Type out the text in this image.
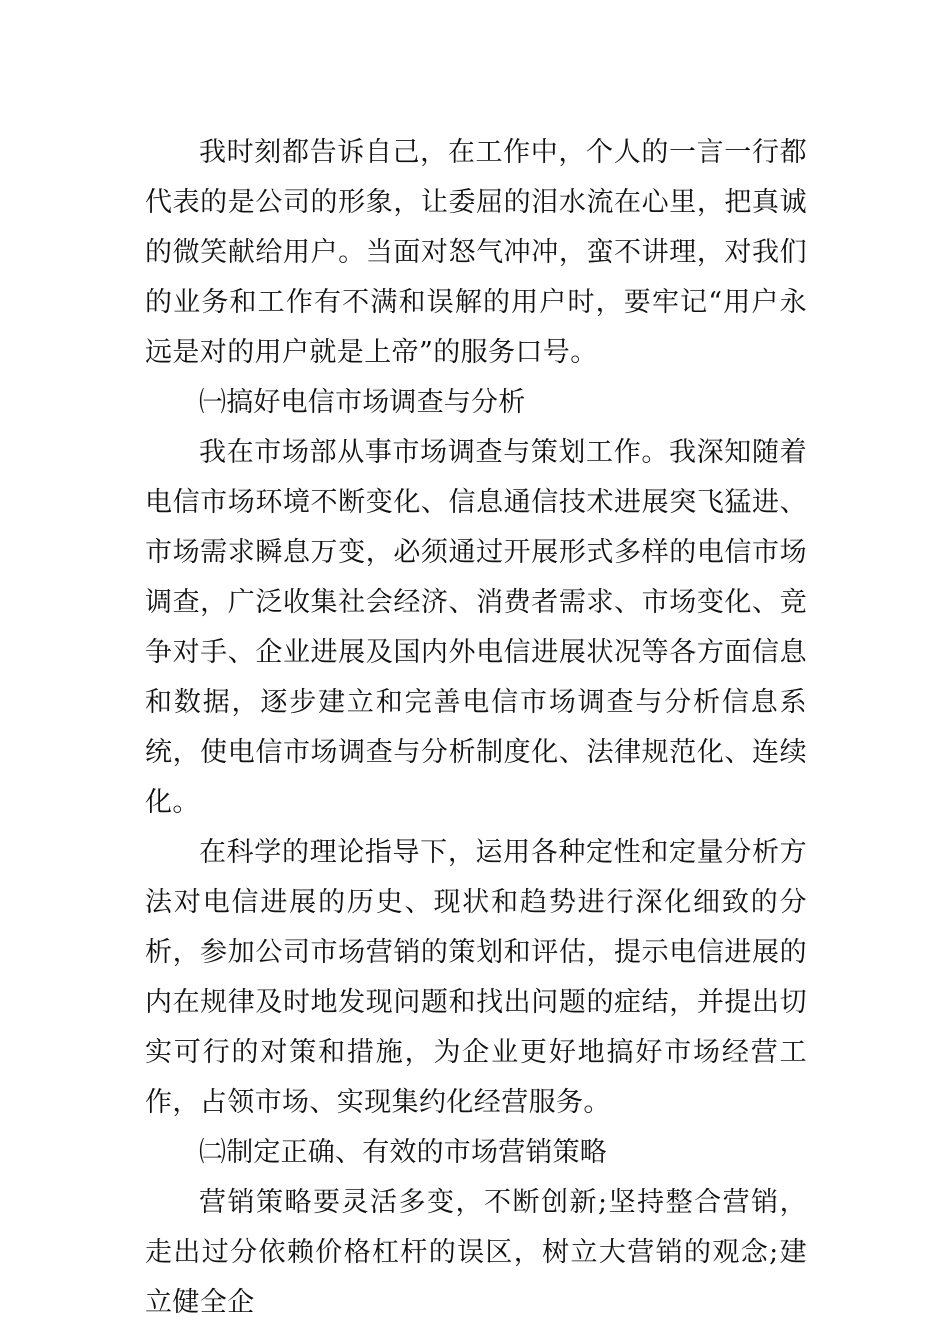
我时刻都告诉自己，在工作中，个人的一言一行都代表的是公司的形象，让委屈的泪水流在心里，把真诚的微笑献给用户。当面对怒气冲冲，蛮不讲理，对我们的业务和工作有不满和误解的用户时，要牢记“用户永远是对的用户就是上帝”的服务口号。

㈠搞好电信市场调查与分析

我在市场部从事市场调查与策划工作。我深知随着电信市场环境不断变化、信息通信技术进展突飞猛进、市场需求瞬息万变，必须通过开展形式多样的电信市场调查，广泛收集社会经济、消费者需求、市场变化、竞争对手、企业进展及国内外电信进展状况等各方面信息和数据，逐步建立和完善电信市场调查与分析信息系统，使电信市场调查与分析制度化、法律规范化、连续化。

在科学的理论指导下，运用各种定性和定量分析方法对电信进展的历史、现状和趋势进行深化细致的分析，参加公司市场营销的策划和评估，提示电信进展的内在规律及时地发现问题和找出问题的症结，并提出切实可行的对策和措施，为企业更好地搞好市场经营工作，占领市场、实现集约化经营服务。

㈡制定正确、有效的市场营销策略

营销策略要灵活多变，不断创新;坚持整合营销，走出过分依赖价格杠杆的误区，树立大营销的观念;建立健全企
